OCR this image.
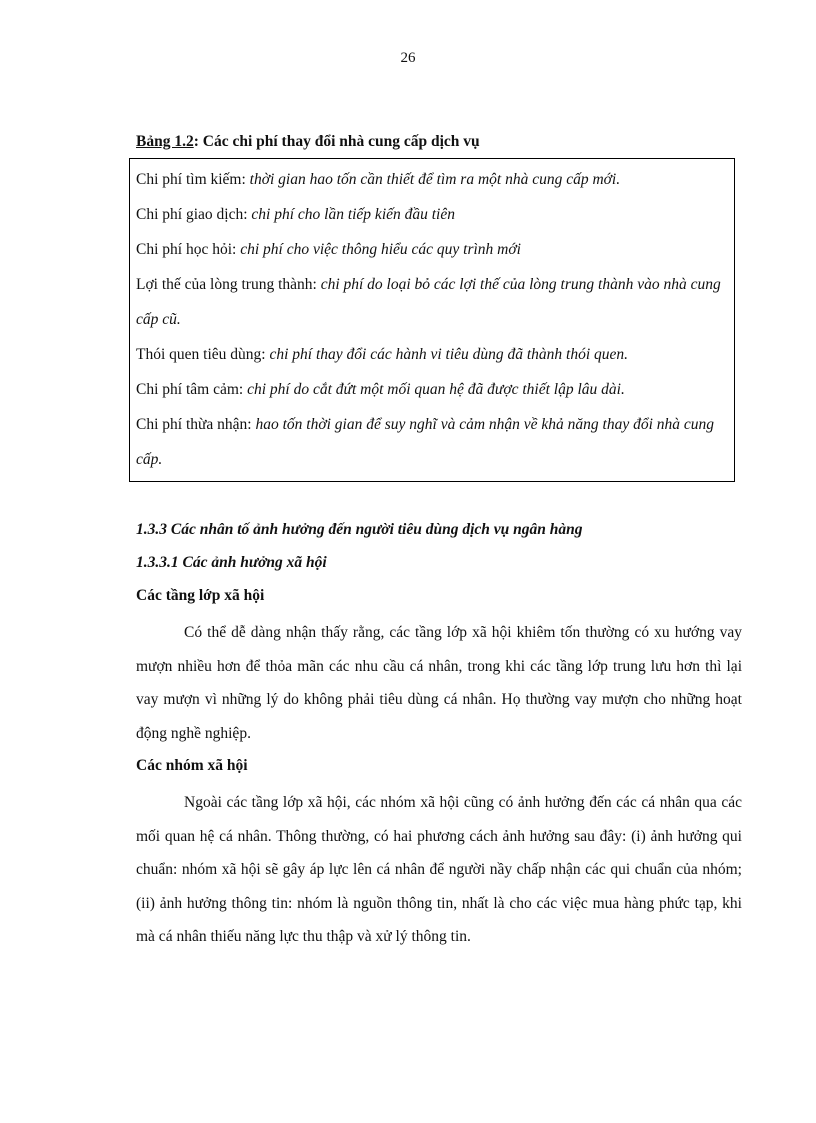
26

Bảng 1.2: Các chi phí thay đổi nhà cung cấp dịch vụ

Chi phí tìm kiếm: thời gian hao tốn cần thiết để tìm ra một nhà cung cấp mới.
Chi phí giao dịch: chi phí cho lần tiếp kiến đầu tiên
Chi phí học hỏi: chi phí cho việc thông hiểu các quy trình mới
Lợi thế của lòng trung thành: chi phí do loại bỏ các lợi thế của lòng trung thành vào nhà cung cấp cũ.
Thói quen tiêu dùng: chi phí thay đổi các hành vi tiêu dùng đã thành thói quen.
Chi phí tâm cảm: chi phí do cắt đứt một mối quan hệ đã được thiết lập lâu dài.
Chi phí thừa nhận: hao tốn thời gian để suy nghĩ và cảm nhận về khả năng thay đổi nhà cung cấp.

1.3.3 Các nhân tố ảnh hưởng đến người tiêu dùng dịch vụ ngân hàng

1.3.3.1 Các ảnh hưởng xã hội

Các tầng lớp xã hội

Có thể dễ dàng nhận thấy rằng, các tầng lớp xã hội khiêm tốn thường có xu hướng vay mượn nhiều hơn để thỏa mãn các nhu cầu cá nhân, trong khi các tầng lớp trung lưu hơn thì lại vay mượn vì những lý do không phải tiêu dùng cá nhân. Họ thường vay mượn cho những hoạt động nghề nghiệp.

Các nhóm xã hội

Ngoài các tầng lớp xã hội, các nhóm xã hội cũng có ảnh hưởng đến các cá nhân qua các mối quan hệ cá nhân. Thông thường, có hai phương cách ảnh hưởng sau đây: (i) ảnh hưởng qui chuẩn: nhóm xã hội sẽ gây áp lực lên cá nhân để người nầy chấp nhận các qui chuẩn của nhóm; (ii) ảnh hưởng thông tin: nhóm là nguồn thông tin, nhất là cho các việc mua hàng phức tạp, khi mà cá nhân thiếu năng lực thu thập và xử lý thông tin.
